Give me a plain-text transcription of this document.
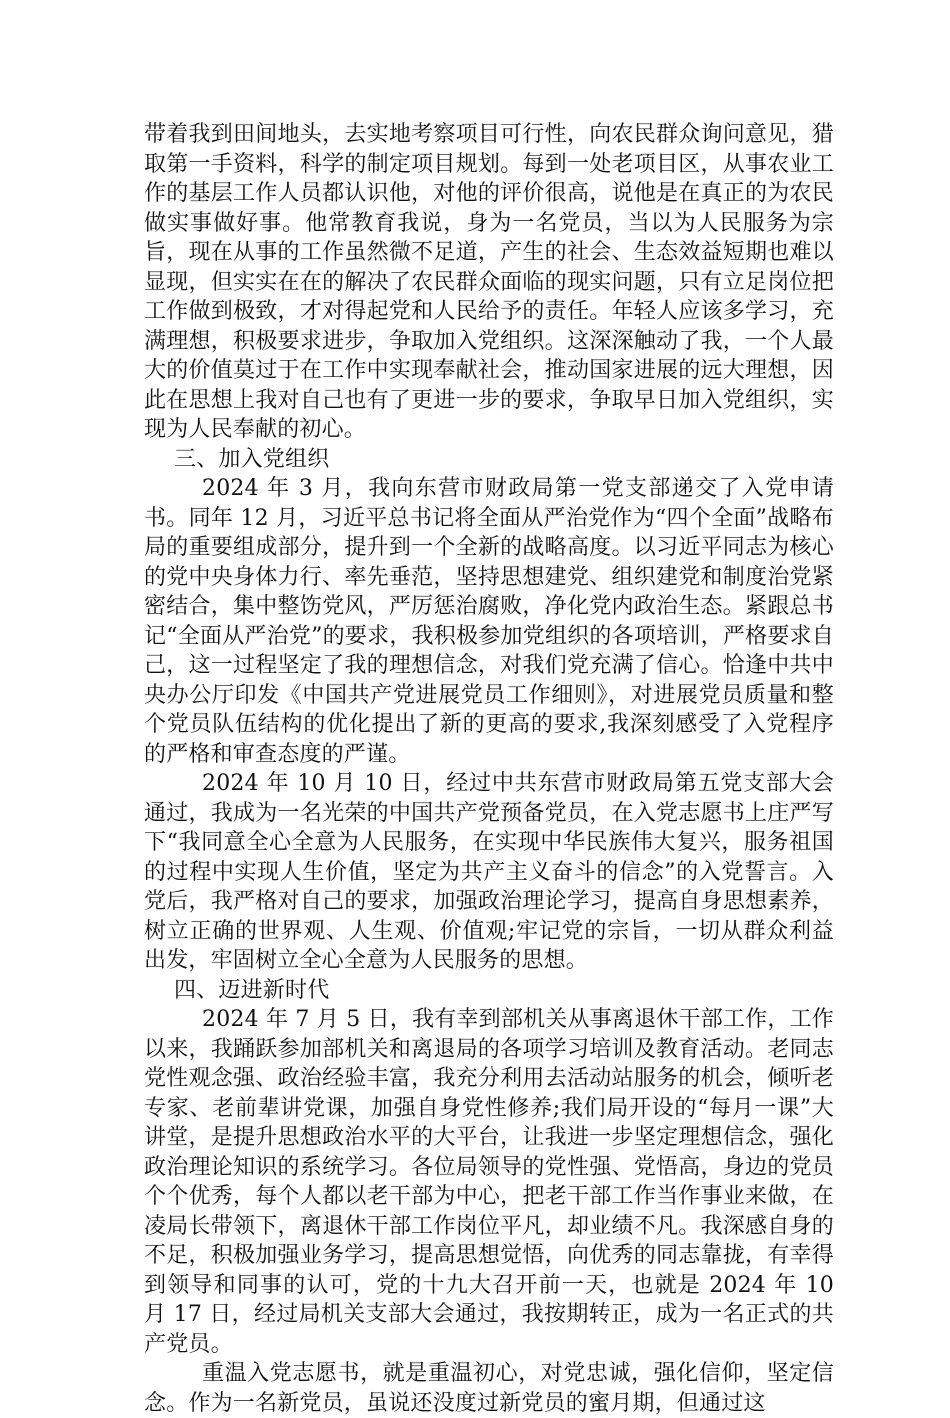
带着我到田间地头，去实地考察项目可行性，向农民群众询问意见，猎取第一手资料，科学的制定项目规划。每到一处老项目区，从事农业工作的基层工作人员都认识他，对他的评价很高，说他是在真正的为农民做实事做好事。他常教育我说，身为一名党员，当以为人民服务为宗旨，现在从事的工作虽然微不足道，产生的社会、生态效益短期也难以显现，但实实在在的解决了农民群众面临的现实问题，只有立足岗位把工作做到极致，才对得起党和人民给予的责任。年轻人应该多学习，充满理想，积极要求进步，争取加入党组织。这深深触动了我，一个人最大的价值莫过于在工作中实现奉献社会，推动国家进展的远大理想，因此在思想上我对自己也有了更进一步的要求，争取早日加入党组织，实现为人民奉献的初心。

三、加入党组织

2024 年 3 月，我向东营市财政局第一党支部递交了入党申请书。同年 12 月，习近平总书记将全面从严治党作为“四个全面”战略布局的重要组成部分，提升到一个全新的战略高度。以习近平同志为核心的党中央身体力行、率先垂范，坚持思想建党、组织建党和制度治党紧密结合，集中整饬党风，严厉惩治腐败，净化党内政治生态。紧跟总书记“全面从严治党”的要求，我积极参加党组织的各项培训，严格要求自己，这一过程坚定了我的理想信念，对我们党充满了信心。恰逢中共中央办公厅印发《中国共产党进展党员工作细则》，对进展党员质量和整个党员队伍结构的优化提出了新的更高的要求,我深刻感受了入党程序的严格和审查态度的严谨。

2024 年 10 月 10 日，经过中共东营市财政局第五党支部大会通过，我成为一名光荣的中国共产党预备党员，在入党志愿书上庄严写下“我同意全心全意为人民服务，在实现中华民族伟大复兴，服务祖国的过程中实现人生价值，坚定为共产主义奋斗的信念”的入党誓言。入党后，我严格对自己的要求，加强政治理论学习，提高自身思想素养，树立正确的世界观、人生观、价值观;牢记党的宗旨，一切从群众利益出发，牢固树立全心全意为人民服务的思想。

四、迈进新时代

2024 年 7 月 5 日，我有幸到部机关从事离退休干部工作，工作以来，我踊跃参加部机关和离退局的各项学习培训及教育活动。老同志党性观念强、政治经验丰富，我充分利用去活动站服务的机会，倾听老专家、老前辈讲党课，加强自身党性修养;我们局开设的“每月一课”大讲堂，是提升思想政治水平的大平台，让我进一步坚定理想信念，强化政治理论知识的系统学习。各位局领导的党性强、党悟高，身边的党员个个优秀，每个人都以老干部为中心，把老干部工作当作事业来做，在凌局长带领下，离退休干部工作岗位平凡，却业绩不凡。我深感自身的不足，积极加强业务学习，提高思想觉悟，向优秀的同志靠拢，有幸得到领导和同事的认可，党的十九大召开前一天，也就是 2024 年 10 月 17 日，经过局机关支部大会通过，我按期转正，成为一名正式的共产党员。

重温入党志愿书，就是重温初心，对党忠诚，强化信仰，坚定信念。作为一名新党员，虽说还没度过新党员的蜜月期，但通过这
